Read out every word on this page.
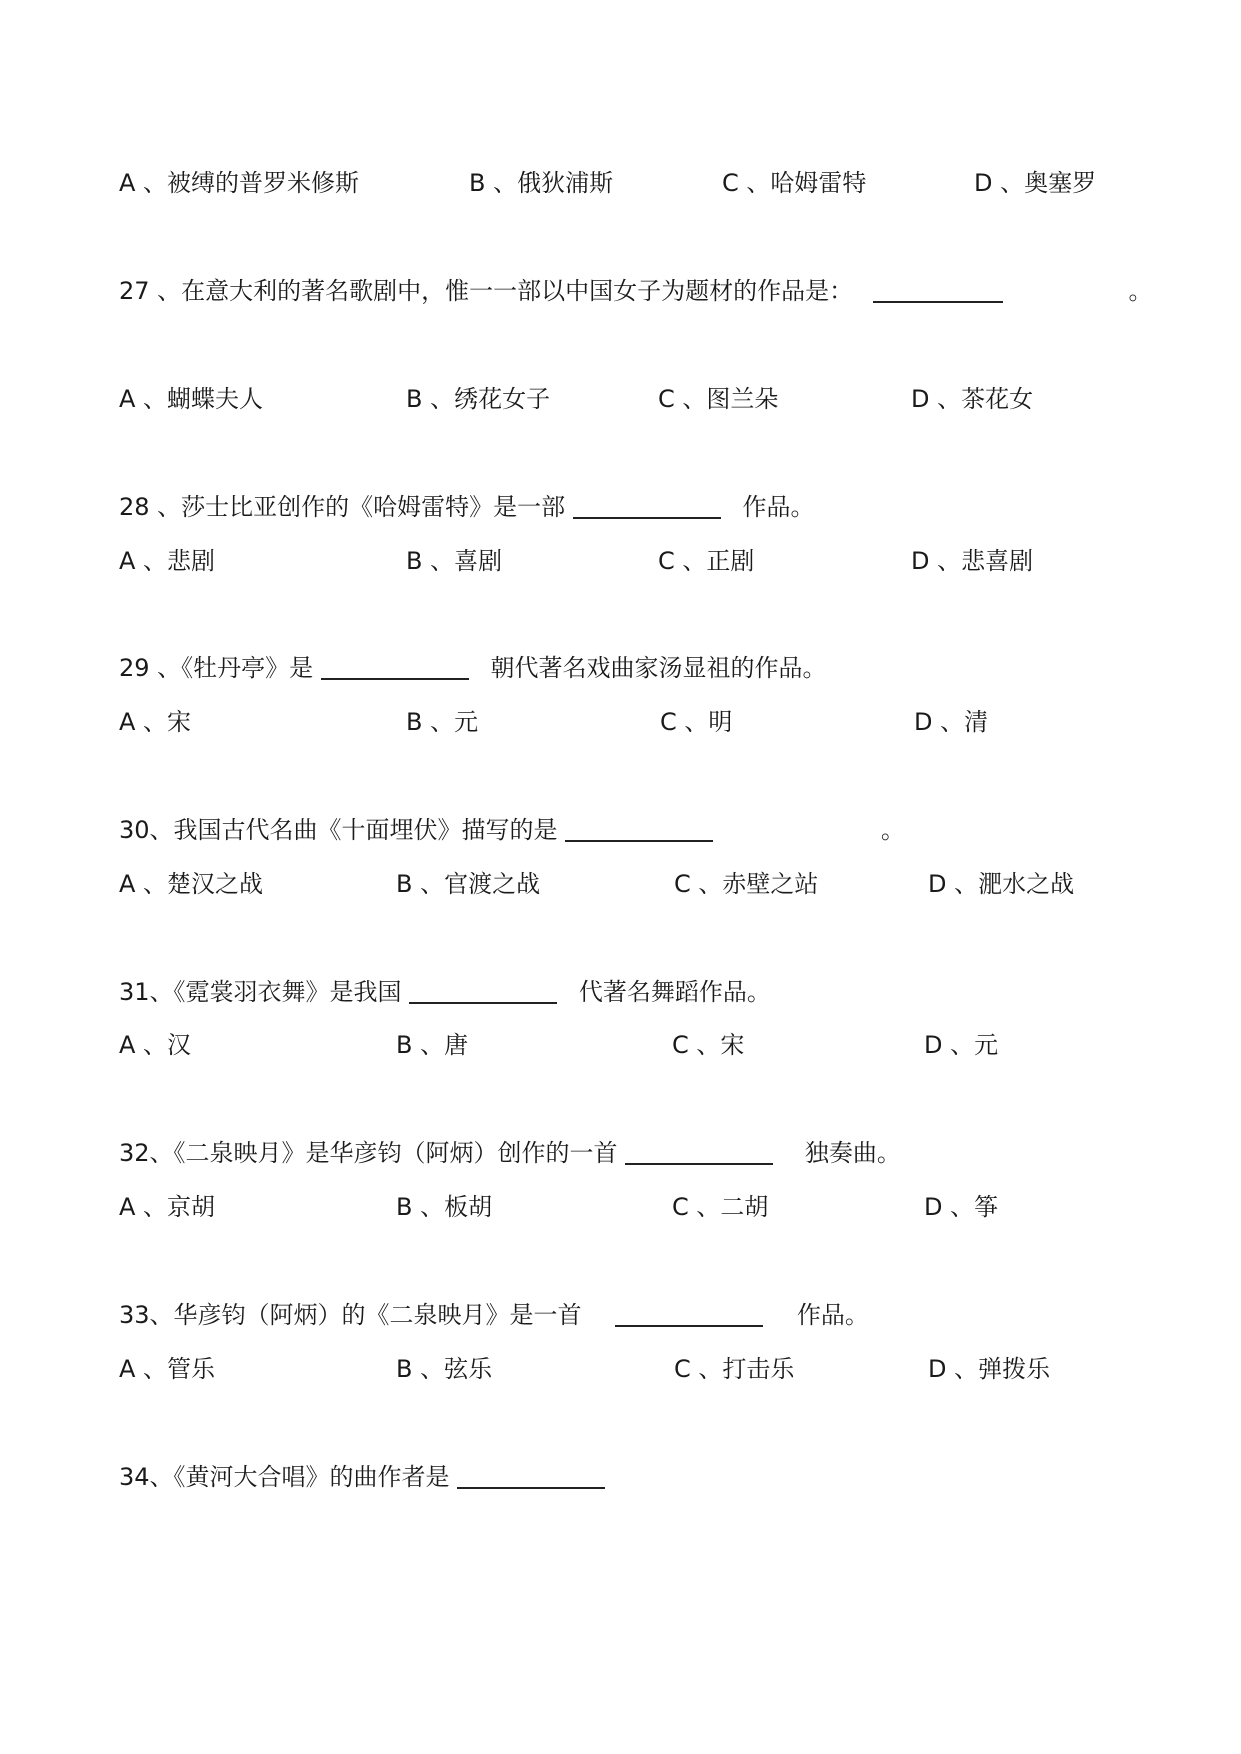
A 、被缚的普罗米修斯	B 、俄狄浦斯	C 、哈姆雷特	D 、奥塞罗
27 、在意大利的著名歌剧中，惟一一部以中国女子为题材的作品是：	。
A 、蝴蝶夫人	B 、绣花女子	C 、图兰朵	D 、茶花女
28 、莎士比亚创作的《哈姆雷特》是一部	作品。
A 、悲剧	B 、喜剧	C 、正剧	D 、悲喜剧
29 、《牡丹亭》是	朝代著名戏曲家汤显祖的作品。
A 、宋	B 、元	C 、明	D 、清
30、我国古代名曲《十面埋伏》描写的是	。
A 、楚汉之战	B 、官渡之战	C 、赤壁之站	D 、淝水之战
31、《霓裳羽衣舞》是我国	代著名舞蹈作品。
A 、汉	B 、唐	C 、宋	D 、元
32、《二泉映月》是华彦钧（阿炳）创作的一首	独奏曲。
A 、京胡	B 、板胡	C 、二胡	D 、筝
33、华彦钧（阿炳）的《二泉映月》是一首	作品。
A 、管乐	B 、弦乐	C 、打击乐	D 、弹拨乐
34、《黄河大合唱》的曲作者是
